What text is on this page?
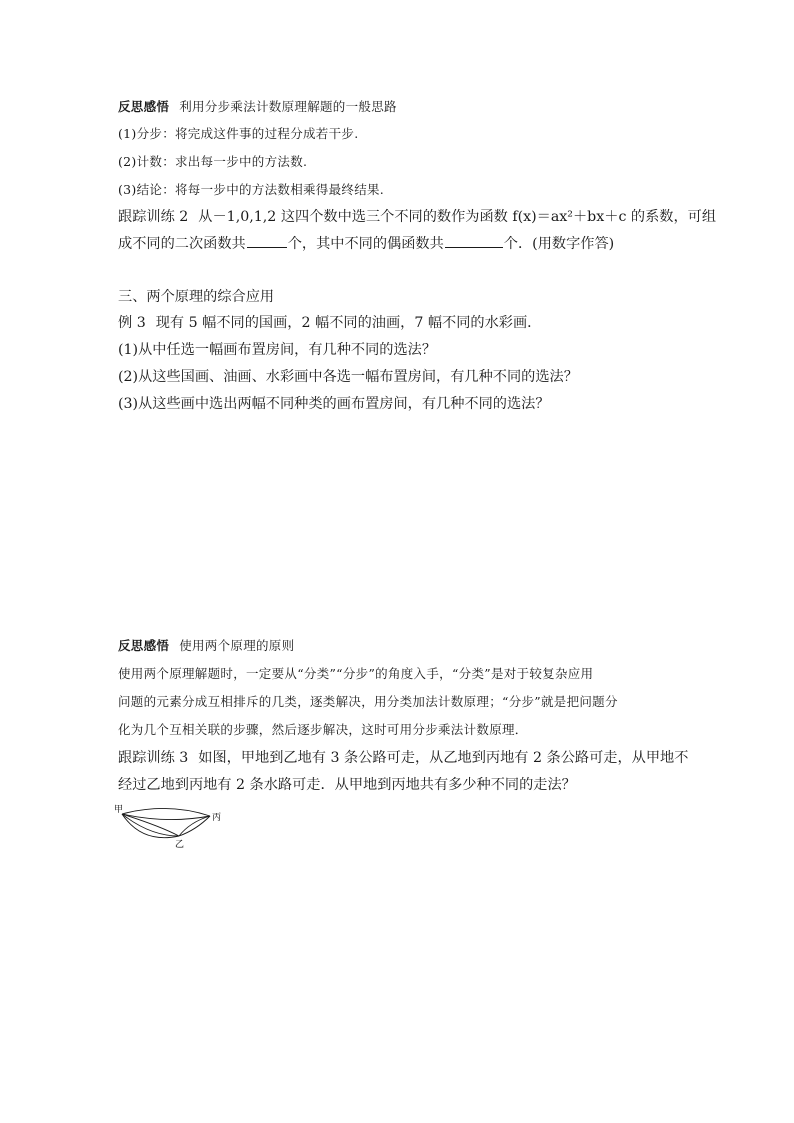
反思感悟 利用分步乘法计数原理解题的一般思路
(1)分步：将完成这件事的过程分成若干步.
(2)计数：求出每一步中的方法数.
(3)结论：将每一步中的方法数相乘得最终结果.
跟踪训练 2 从－1,0,1,2 这四个数中选三个不同的数作为函数 f(x)＝ax²＋bx＋c 的系数，可组
成不同的二次函数共	个，其中不同的偶函数共	个．(用数字作答)
三、两个原理的综合应用
例 3 现有 5 幅不同的国画，2 幅不同的油画，7 幅不同的水彩画．
(1)从中任选一幅画布置房间，有几种不同的选法？
(2)从这些国画、油画、水彩画中各选一幅布置房间，有几种不同的选法？
(3)从这些画中选出两幅不同种类的画布置房间，有几种不同的选法？
反思感悟 使用两个原理的原则
使用两个原理解题时，一定要从“分类”“分步”的角度入手，“分类”是对于较复杂应用
问题的元素分成互相排斥的几类，逐类解决，用分类加法计数原理；“分步”就是把问题分
化为几个互相关联的步骤，然后逐步解决，这时可用分步乘法计数原理．
跟踪训练 3 如图，甲地到乙地有 3 条公路可走，从乙地到丙地有 2 条公路可走，从甲地不
经过乙地到丙地有 2 条水路可走．从甲地到丙地共有多少种不同的走法？
甲
丙
乙
